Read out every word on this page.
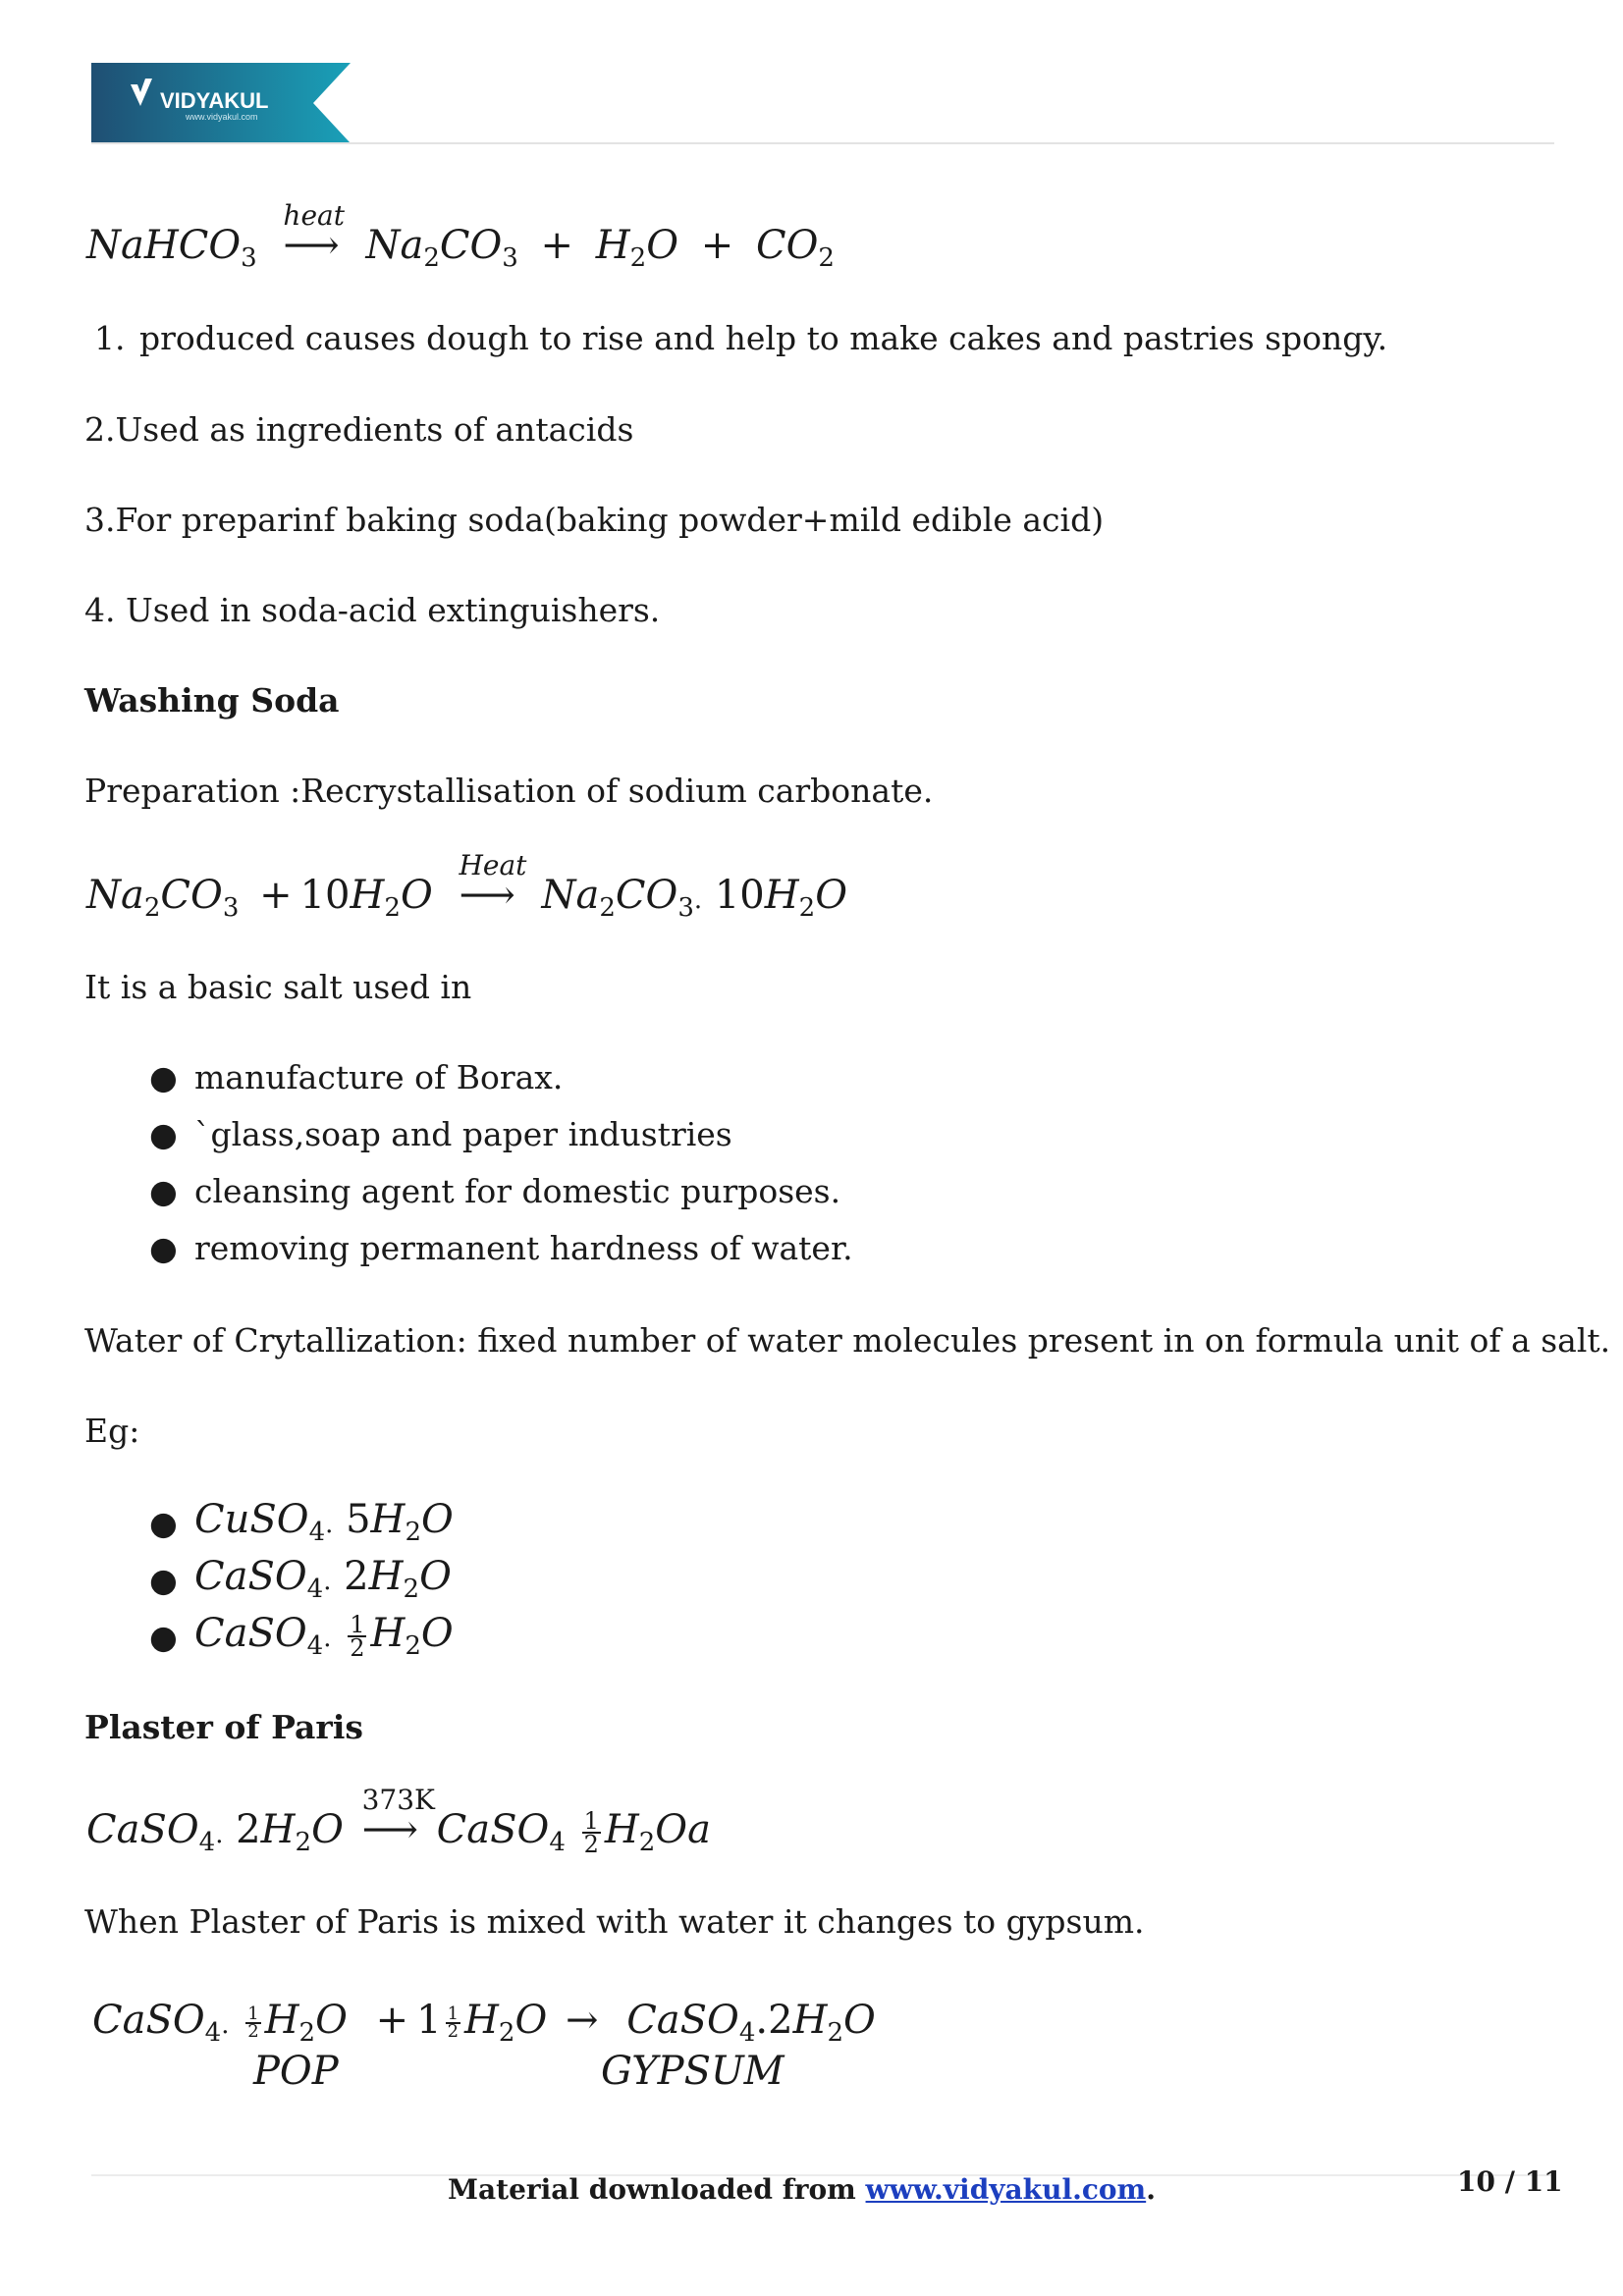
VIDYAKUL
www.vidyakul.com
NaHCO$_3$
heat
⟶ $Na_2CO_3 + H_2O + CO_2$
1. produced causes dough to rise and help to make cakes and pastries spongy.
2.Used as ingredients of antacids
3.For preparinf baking soda(baking powder+mild edible acid)
4. Used in soda-acid extinguishers.
Washing Soda
Preparation :Recrystallisation of sodium carbonate.
$Na_2CO_3 + 10H_2O$
Heat
⟶ $Na_2CO_{3\cdot}$ $10H_2O$
It is a basic salt used in
● manufacture of Borax.
● `glass,soap and paper industries
● cleansing agent for domestic purposes.
● removing permanent hardness of water.
Water of Crytallization: fixed number of water molecules present in on formula unit of a salt.
Eg:
● CuSO$_{4\cdot}$ $5H_2O$
● CaSO$_{4\cdot}$ $2H_2O$
● CaSO$_{4\cdot}$ $\frac{1}{2} H_2O$
Plaster of Paris
CaSO$_{4\cdot}$ $2H_2O$
373K
⟶ CaSO$_4$ $\frac{1}{2} H_2Oa$
When Plaster of Paris is mixed with water it changes to gypsum.
CaSO$_{4\cdot}$ $\frac{1}{2} H_2O + 1 \frac{1}{2} H_2O$ → $CaSO_4.2H_2O$
POP	GYPSUM
Material downloaded from www.vidyakul.com.	10 / 11
